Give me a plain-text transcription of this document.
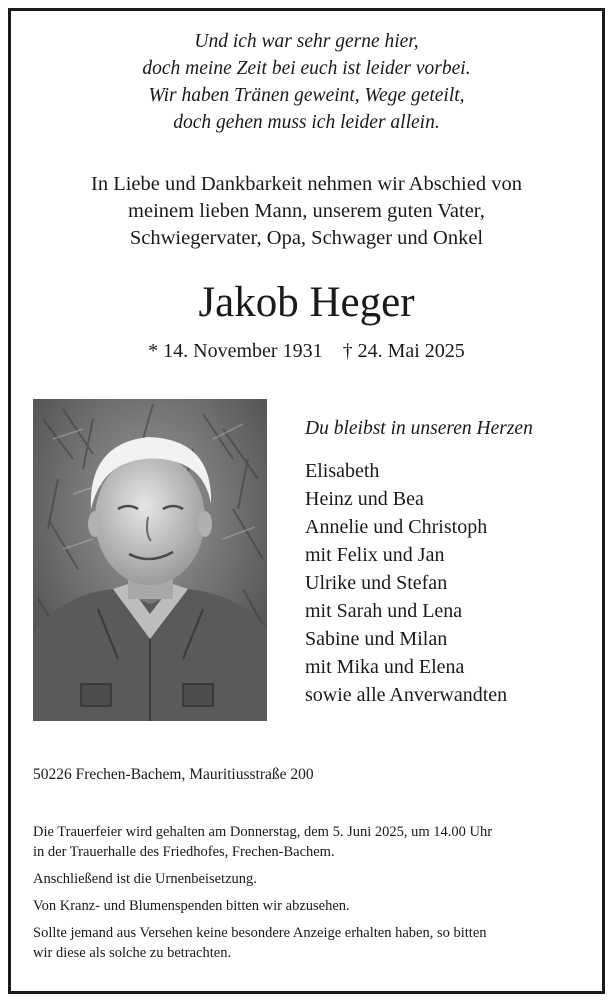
Und ich war sehr gerne hier,
doch meine Zeit bei euch ist leider vorbei.
Wir haben Tränen geweint, Wege geteilt,
doch gehen muss ich leider allein.
In Liebe und Dankbarkeit nehmen wir Abschied von
meinem lieben Mann, unserem guten Vater,
Schwiegervater, Opa, Schwager und Onkel
Jakob Heger
* 14. November 1931 † 24. Mai 2025
Du bleibst in unseren Herzen
Elisabeth
Heinz und Bea
Annelie und Christoph
mit Felix und Jan
Ulrike und Stefan
mit Sarah und Lena
Sabine und Milan
mit Mika und Elena
sowie alle Anverwandten
50226 Frechen-Bachem, Mauritiusstraße 200

Die Trauerfeier wird gehalten am Donnerstag, dem 5. Juni 2025, um 14.00 Uhr
in der Trauerhalle des Friedhofes, Frechen-Bachem.

Anschließend ist die Urnenbeisetzung.

Von Kranz- und Blumenspenden bitten wir abzusehen.

Sollte jemand aus Versehen keine besondere Anzeige erhalten haben, so bitten
wir diese als solche zu betrachten.
